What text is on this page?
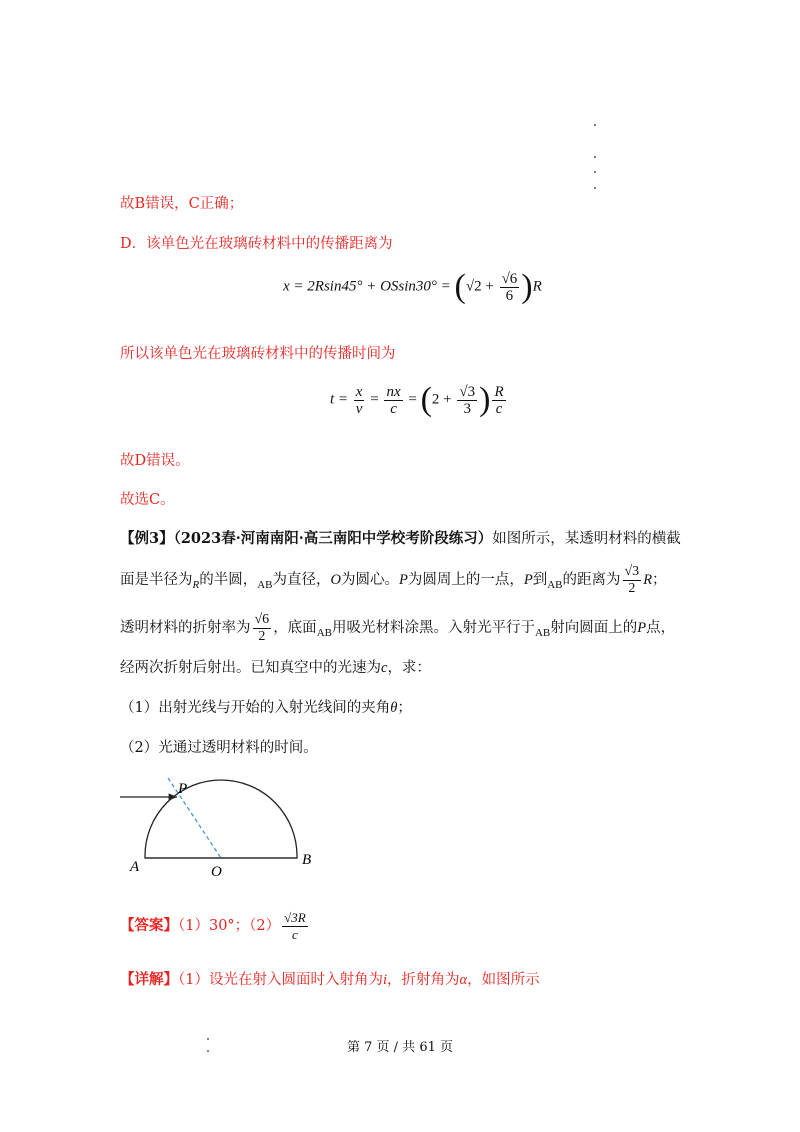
故B错误，C正确；
D．该单色光在玻璃砖材料中的传播距离为
$x = 2Rsin45^\circ + OSsin30^\circ = (√2 + \frac{√6}{6} )R$
所以该单色光在玻璃砖材料中的传播时间为
$t = \frac{x}{v} = \frac{nx}{c} = (2 + \frac{√3}{3}$ ) $\frac{R}{c}$
故D错误。
故选C。
【例3】（2023春·河南南阳·高三南阳中学校考阶段练习）如图所示，某透明材料的横截
面是半径为$_R$的半圆，$_{AB}$为直径，O为圆心。P为圆周上的一点，P到$_{AB}$的距离为 $\frac{√3}{2}$ R；
透明材料的折射率为 $\frac{√6}{2}$ ，底面$_{AB}$用吸光材料涂黑。入射光平行于$_{AB}$射向圆面上的P点，
经两次折射后射出。已知真空中的光速为c，求：
（1）出射光线与开始的入射光线间的夹角θ；
（2）光通过透明材料的时间。
P
A	O
B
【答案】（1）30°；$(2) \frac{√3R}{c}$
【详解】（1）设光在射入圆面时入射角为i，折射角为α，如图所示
第 7 页 / 共 61 页
